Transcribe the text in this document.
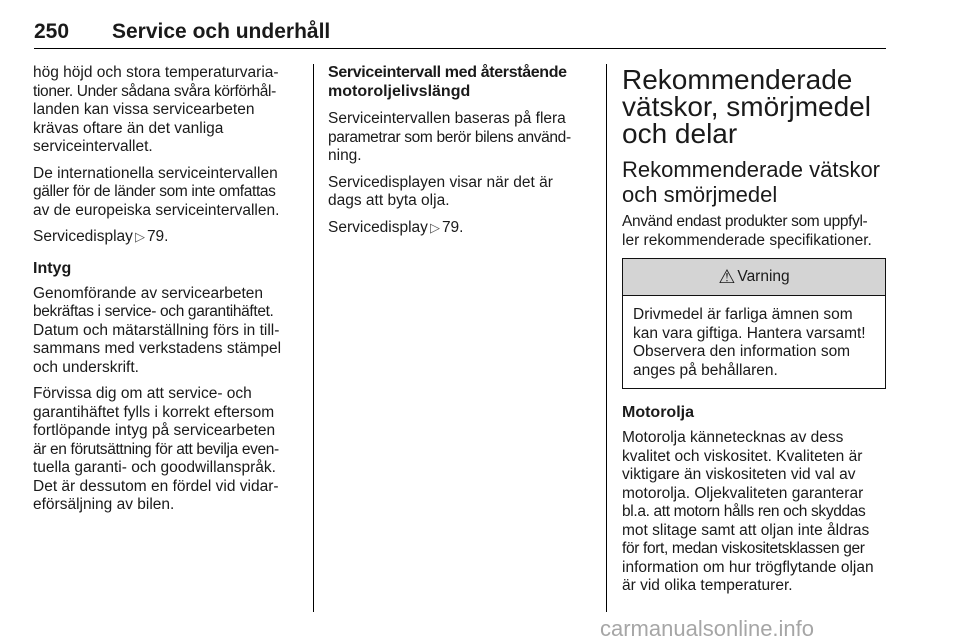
250 Service och underhåll

hög höjd och stora temperaturvaria-
tioner. Under sådana svåra körförhål-
landen kan vissa servicearbeten
krävas oftare än det vanliga
serviceintervallet.

De internationella serviceintervallen
gäller för de länder som inte omfattas
av de europeiska serviceintervallen.

Servicedisplay ▷ 79.

Intyg

Genomförande av servicearbeten
bekräftas i service- och garantihäftet.
Datum och mätarställning förs in till-
sammans med verkstadens stämpel
och underskrift.

Förvissa dig om att service- och
garantihäftet fylls i korrekt eftersom
fortlöpande intyg på servicearbeten
är en förutsättning för att bevilja even-
tuella garanti- och goodwillanspråk.
Det är dessutom en fördel vid vidar-
eförsäljning av bilen.

Serviceintervall med återstående
motoroljelivslängd

Serviceintervallen baseras på flera
parametrar som berör bilens använd-
ning.

Servicedisplayen visar när det är
dags att byta olja.

Servicedisplay ▷ 79.

Rekommenderade
vätskor, smörjmedel
och delar
Rekommenderade vätskor
och smörjmedel

Använd endast produkter som uppfyl-
ler rekommenderade specifikationer.

⚠ Varning
Drivmedel är farliga ämnen som
kan vara giftiga. Hantera varsamt!
Observera den information som
anges på behållaren.
Motorolja

Motorolja kännetecknas av dess
kvalitet och viskositet. Kvaliteten är
viktigare än viskositeten vid val av
motorolja. Oljekvaliteten garanterar
bl.a. att motorn hålls ren och skyddas
mot slitage samt att oljan inte åldras
för fort, medan viskositetsklassen ger
information om hur trögflytande oljan
är vid olika temperaturer.

carmanualsonline.info
